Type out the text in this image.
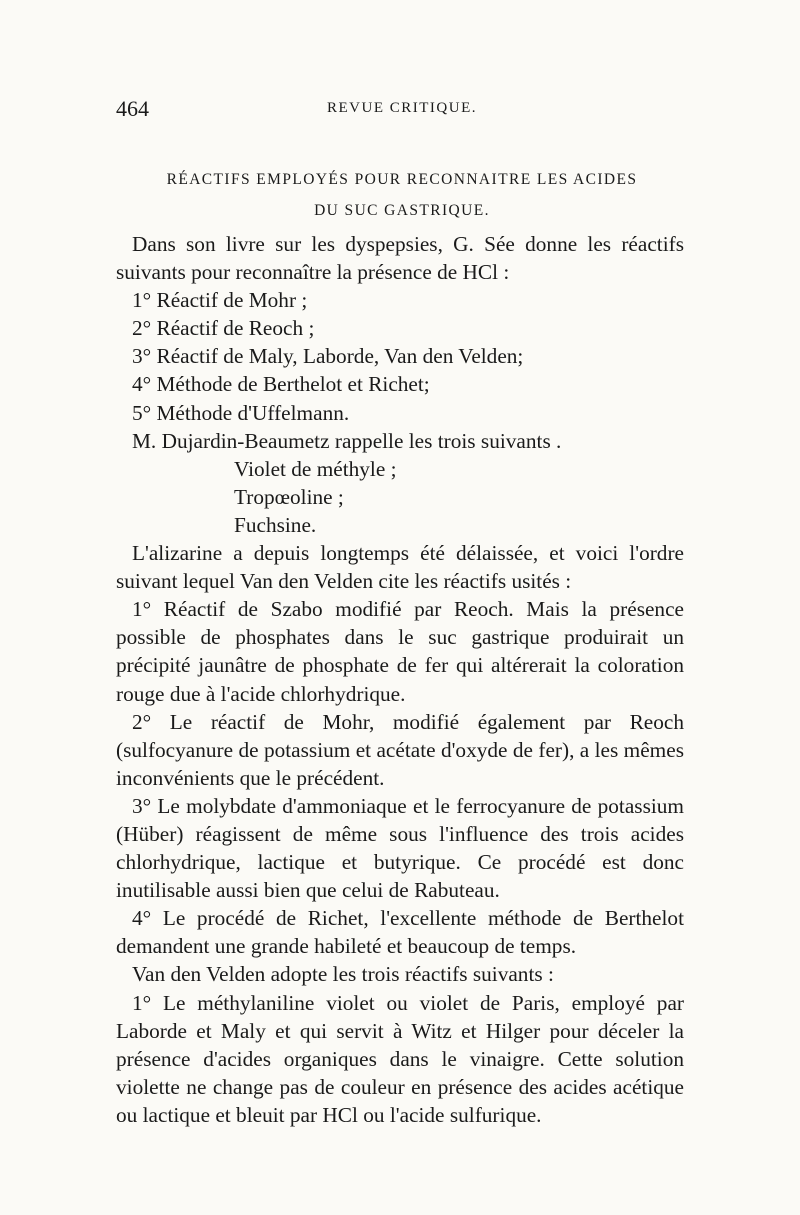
464	REVUE CRITIQUE.
RÉACTIFS EMPLOYÉS POUR RECONNAITRE LES ACIDES
DU SUC GASTRIQUE.

Dans son livre sur les dyspepsies, G. Sée donne les réactifs suivants pour reconnaître la présence de HCl :

1° Réactif de Mohr ;

2° Réactif de Reoch ;

3° Réactif de Maly, Laborde, Van den Velden;

4° Méthode de Berthelot et Richet;

5° Méthode d'Uffelmann.

M. Dujardin-Beaumetz rappelle les trois suivants .

Violet de méthyle ;

Tropœoline ;

Fuchsine.

L'alizarine a depuis longtemps été délaissée, et voici l'ordre suivant lequel Van den Velden cite les réactifs usités :

1° Réactif de Szabo modifié par Reoch. Mais la présence possible de phosphates dans le suc gastrique produirait un précipité jaunâtre de phosphate de fer qui altérerait la coloration rouge due à l'acide chlorhydrique.

2° Le réactif de Mohr, modifié également par Reoch (sulfocyanure de potassium et acétate d'oxyde de fer), a les mêmes inconvénients que le précédent.

3° Le molybdate d'ammoniaque et le ferrocyanure de potassium (Hüber) réagissent de même sous l'influence des trois acides chlorhydrique, lactique et butyrique. Ce procédé est donc inutilisable aussi bien que celui de Rabuteau.

4° Le procédé de Richet, l'excellente méthode de Berthelot demandent une grande habileté et beaucoup de temps.

Van den Velden adopte les trois réactifs suivants :

1° Le méthylaniline violet ou violet de Paris, employé par Laborde et Maly et qui servit à Witz et Hilger pour déceler la présence d'acides organiques dans le vinaigre. Cette solution violette ne change pas de couleur en présence des acides acétique ou lactique et bleuit par HCl ou l'acide sulfurique.
